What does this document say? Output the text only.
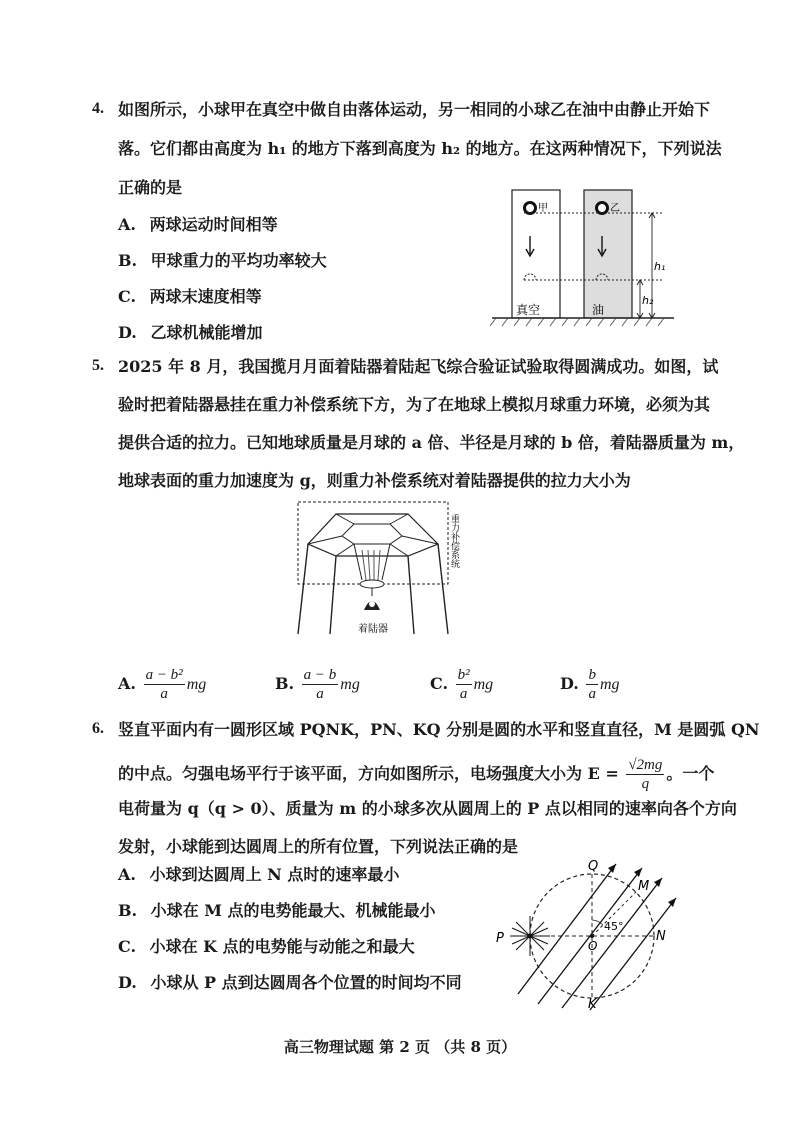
4. 如图所示，小球甲在真空中做自由落体运动，另一相同的小球乙在油中由静止开始下
落。它们都由高度为 h₁ 的地方下落到高度为 h₂ 的地方。在这两种情况下，下列说法
正确的是
A. 两球运动时间相等
B. 甲球重力的平均功率较大
C. 两球末速度相等
D. 乙球机械能增加
甲	乙
h₁
h₂
真空	油
5. 2025 年 8 月，我国揽月月面着陆器着陆起飞综合验证试验取得圆满成功。如图，试
验时把着陆器悬挂在重力补偿系统下方，为了在地球上模拟月球重力环境，必须为其
提供合适的拉力。已知地球质量是月球的 a 倍、半径是月球的 b 倍，着陆器质量为 m，
地球表面的重力加速度为 g，则重力补偿系统对着陆器提供的拉力大小为
着陆器
重力补偿系统
A. $\frac{\text{a − b²}}{a}$ mg	B. $\frac{a - b}{a}$ mg	C. $\frac{\text{b²}}{a}$ mg	D. $\frac{b}{a}$ mg
6. 竖直平面内有一圆形区域 PQNK，PN、KQ 分别是圆的水平和竖直直径，M 是圆弧 QN
的中点。匀强电场平行于该平面，方向如图所示，电场强度大小为 $E = \frac{√2mg}{q}$ 。一个
电荷量为 q（q > 0）、质量为 m 的小球多次从圆周上的 P 点以相同的速率向各个方向
发射，小球能到达圆周上的所有位置，下列说法正确的是
A. 小球到达圆周上 N 点时的速率最小
B. 小球在 M 点的电势能最大、机械能最小
C. 小球在 K 点的电势能与动能之和最大
D. 小球从 P 点到达圆周各个位置的时间均不同
Q
M
N
P	O
K
45°
高三物理试题 第 2 页 （共 8 页）
